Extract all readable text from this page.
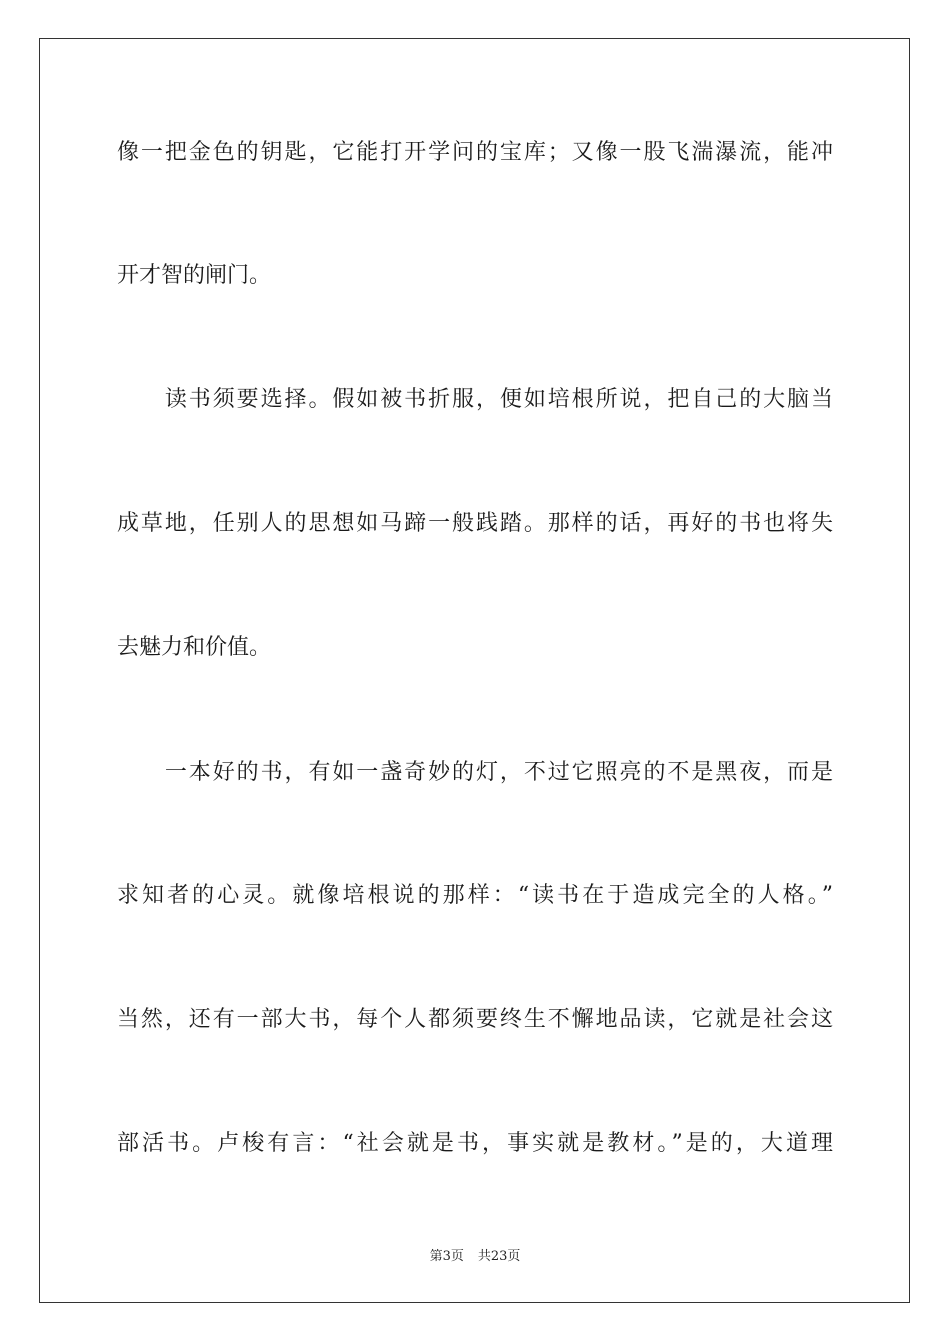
像一把金色的钥匙，它能打开学问的宝库；又像一股飞湍瀑流，能冲
开才智的闸门。
　　读书须要选择。假如被书折服，便如培根所说，把自己的大脑当
成草地，任别人的思想如马蹄一般践踏。那样的话，再好的书也将失
去魅力和价值。
　　一本好的书，有如一盏奇妙的灯，不过它照亮的不是黑夜，而是
求知者的心灵。就像培根说的那样：“读书在于造成完全的人格。”
当然，还有一部大书，每个人都须要终生不懈地品读，它就是社会这
部活书。卢梭有言：“社会就是书，事实就是教材。”是的，大道理
第3页 共23页
